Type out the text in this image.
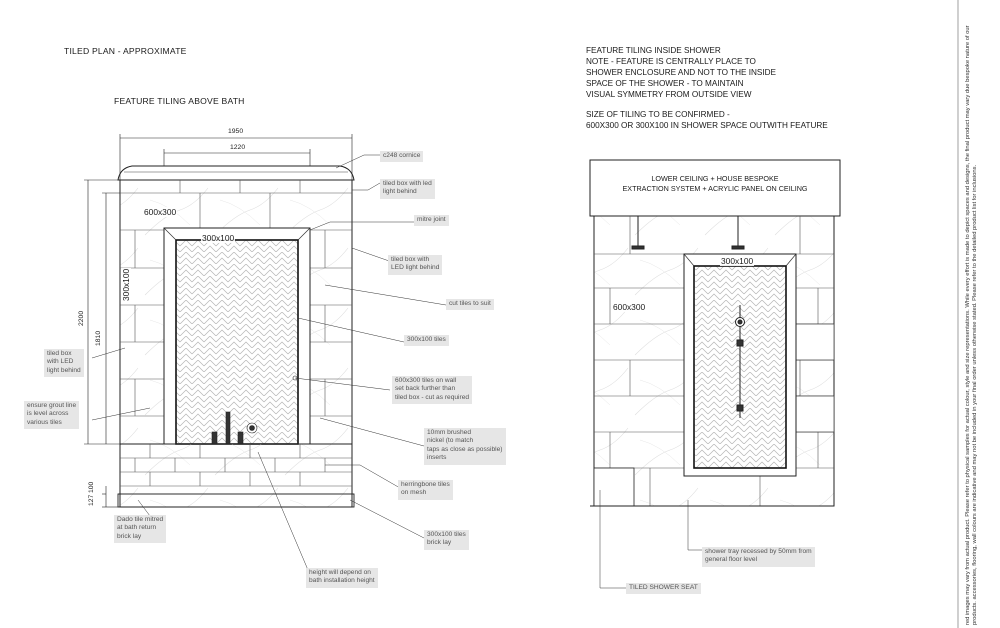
TILED PLAN - APPROXIMATE
FEATURE TILING ABOVE BATH
1950
1220
2200
1810
127
100
600x300
300x100
300x100
c248 cornice
tiled box with led
light behind
mitre joint
tiled box with
LED light behind
cut tiles to suit
300x100 tiles
tiled box
with LED
light behind
ensure grout line
is level across
various tiles
600x300 tiles on wall
set back further than
tiled box - cut as required
10mm brushed
nickel (to match
taps as close as possible)
inserts
herringbone tiles
on mesh
Dado tile mitred
at bath return
brick lay	300x100 tiles
brick lay
height will depend on
bath installation height
FEATURE TILING INSIDE SHOWER
NOTE - FEATURE IS CENTRALLY PLACE TO
SHOWER ENCLOSURE AND NOT TO THE INSIDE
SPACE OF THE SHOWER - TO MAINTAIN
VISUAL SYMMETRY FROM OUTSIDE VIEW
SIZE OF TILING TO BE CONFIRMED -
600X300 OR 300X100 IN SHOWER SPACE OUTWITH FEATURE
LOWER CEILING + HOUSE BESPOKE
EXTRACTION SYSTEM + ACRYLIC PANEL ON CEILING
300x100
600x300
shower tray recessed by 50mm from
general floor level
TILED SHOWER SEAT	red images may vary from actual product. Please refer to physical samples for actual colour, style and size representations. While every effort is made to depict spaces and designs, the final product may vary due bespoke nature of our products. accessories, flooring, wall colours are indicative and may not be included in your final order unless otherwise stated. Please refer to the detailed product list for inclusions.
